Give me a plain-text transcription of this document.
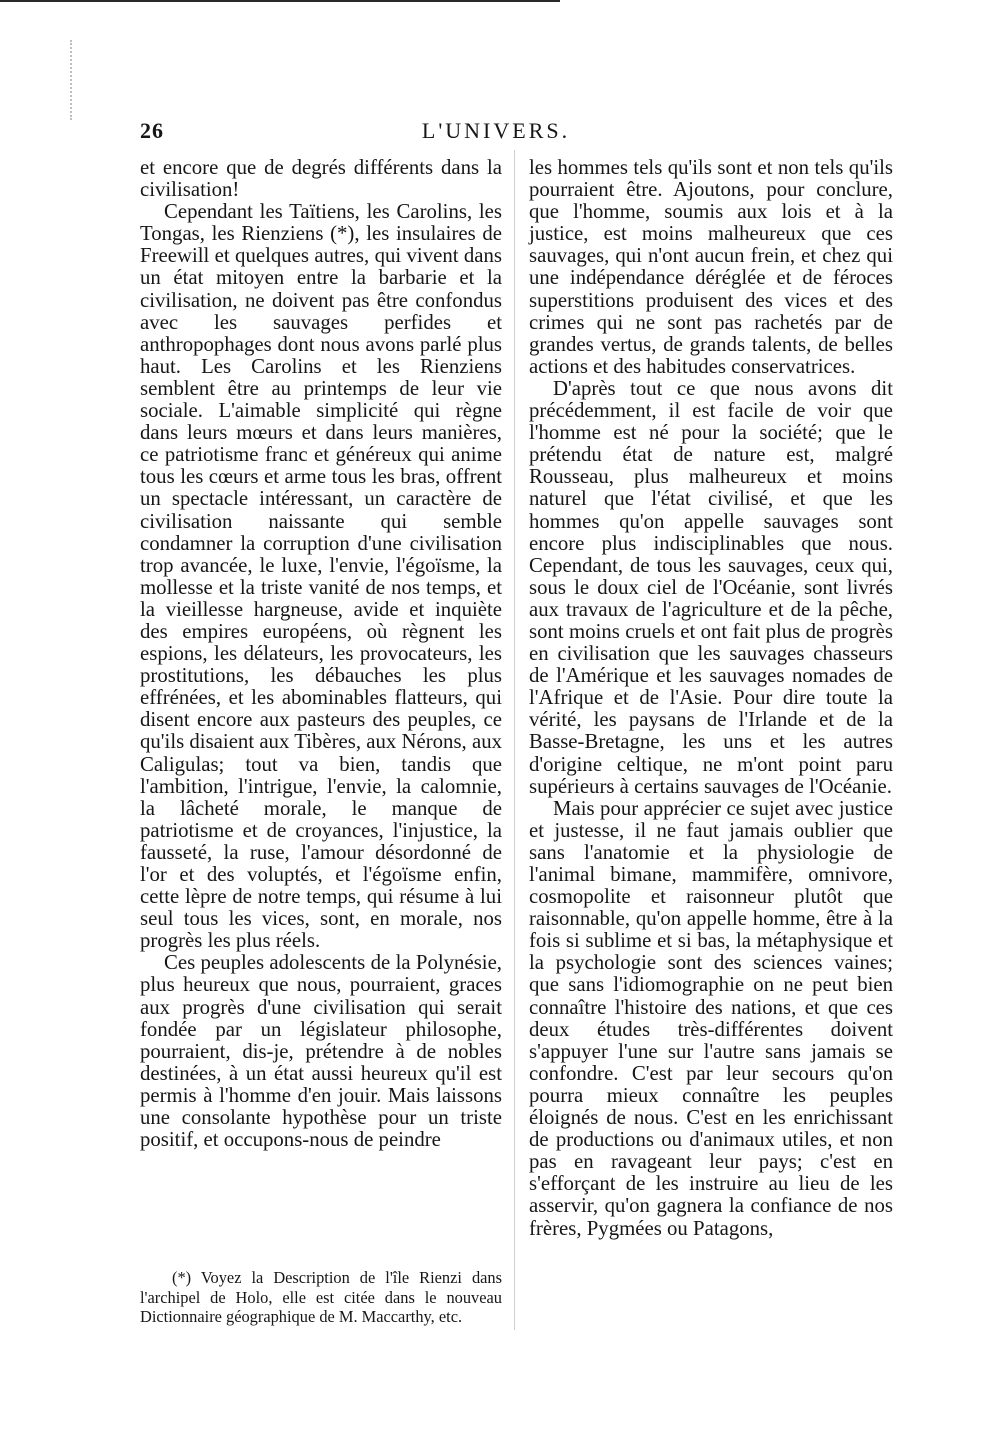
26	L'UNIVERS.

et encore que de degrés différents dans la civilisation!

Cependant les Taïtiens, les Carolins, les Tongas, les Rienziens (*), les insulaires de Freewill et quelques autres, qui vivent dans un état mitoyen entre la barbarie et la civilisation, ne doivent pas être confondus avec les sauvages perfides et anthropophages dont nous avons parlé plus haut. Les Carolins et les Rienziens semblent être au printemps de leur vie sociale. L'aimable simplicité qui règne dans leurs mœurs et dans leurs manières, ce patriotisme franc et généreux qui anime tous les cœurs et arme tous les bras, offrent un spectacle intéressant, un caractère de civilisation naissante qui semble condamner la corruption d'une civilisation trop avancée, le luxe, l'envie, l'égoïsme, la mollesse et la triste vanité de nos temps, et la vieillesse hargneuse, avide et inquiète des empires européens, où règnent les espions, les délateurs, les provocateurs, les prostitutions, les débauches les plus effrénées, et les abominables flatteurs, qui disent encore aux pasteurs des peuples, ce qu'ils disaient aux Tibères, aux Nérons, aux Caligulas; tout va bien, tandis que l'ambition, l'intrigue, l'envie, la calomnie, la lâcheté morale, le manque de patriotisme et de croyances, l'injustice, la fausseté, la ruse, l'amour désordonné de l'or et des voluptés, et l'égoïsme enfin, cette lèpre de notre temps, qui résume à lui seul tous les vices, sont, en morale, nos progrès les plus réels.

Ces peuples adolescents de la Polynésie, plus heureux que nous, pourraient, graces aux progrès d'une civilisation qui serait fondée par un législateur philosophe, pourraient, dis-je, prétendre à de nobles destinées, à un état aussi heureux qu'il est permis à l'homme d'en jouir. Mais laissons une consolante hypothèse pour un triste positif, et occupons-nous de peindre

les hommes tels qu'ils sont et non tels qu'ils pourraient être. Ajoutons, pour conclure, que l'homme, soumis aux lois et à la justice, est moins malheureux que ces sauvages, qui n'ont aucun frein, et chez qui une indépendance déréglée et de féroces superstitions produisent des vices et des crimes qui ne sont pas rachetés par de grandes vertus, de grands talents, de belles actions et des habitudes conservatrices.

D'après tout ce que nous avons dit précédemment, il est facile de voir que l'homme est né pour la société; que le prétendu état de nature est, malgré Rousseau, plus malheureux et moins naturel que l'état civilisé, et que les hommes qu'on appelle sauvages sont encore plus indisciplinables que nous. Cependant, de tous les sauvages, ceux qui, sous le doux ciel de l'Océanie, sont livrés aux travaux de l'agriculture et de la pêche, sont moins cruels et ont fait plus de progrès en civilisation que les sauvages chasseurs de l'Amérique et les sauvages nomades de l'Afrique et de l'Asie. Pour dire toute la vérité, les paysans de l'Irlande et de la Basse-Bretagne, les uns et les autres d'origine celtique, ne m'ont point paru supérieurs à certains sauvages de l'Océanie.

Mais pour apprécier ce sujet avec justice et justesse, il ne faut jamais oublier que sans l'anatomie et la physiologie de l'animal bimane, mammifère, omnivore, cosmopolite et raisonneur plutôt que raisonnable, qu'on appelle homme, être à la fois si sublime et si bas, la métaphysique et la psychologie sont des sciences vaines; que sans l'idiomographie on ne peut bien connaître l'histoire des nations, et que ces deux études très-différentes doivent s'appuyer l'une sur l'autre sans jamais se confondre. C'est par leur secours qu'on pourra mieux connaître les peuples éloignés de nous. C'est en les enrichissant de productions ou d'animaux utiles, et non pas en ravageant leur pays; c'est en s'efforçant de les instruire au lieu de les asservir, qu'on gagnera la confiance de nos frères, Pygmées ou Patagons,

(*) Voyez la Description de l'île Rienzi dans l'archipel de Holo, elle est citée dans le nouveau Dictionnaire géographique de M. Maccarthy, etc.
